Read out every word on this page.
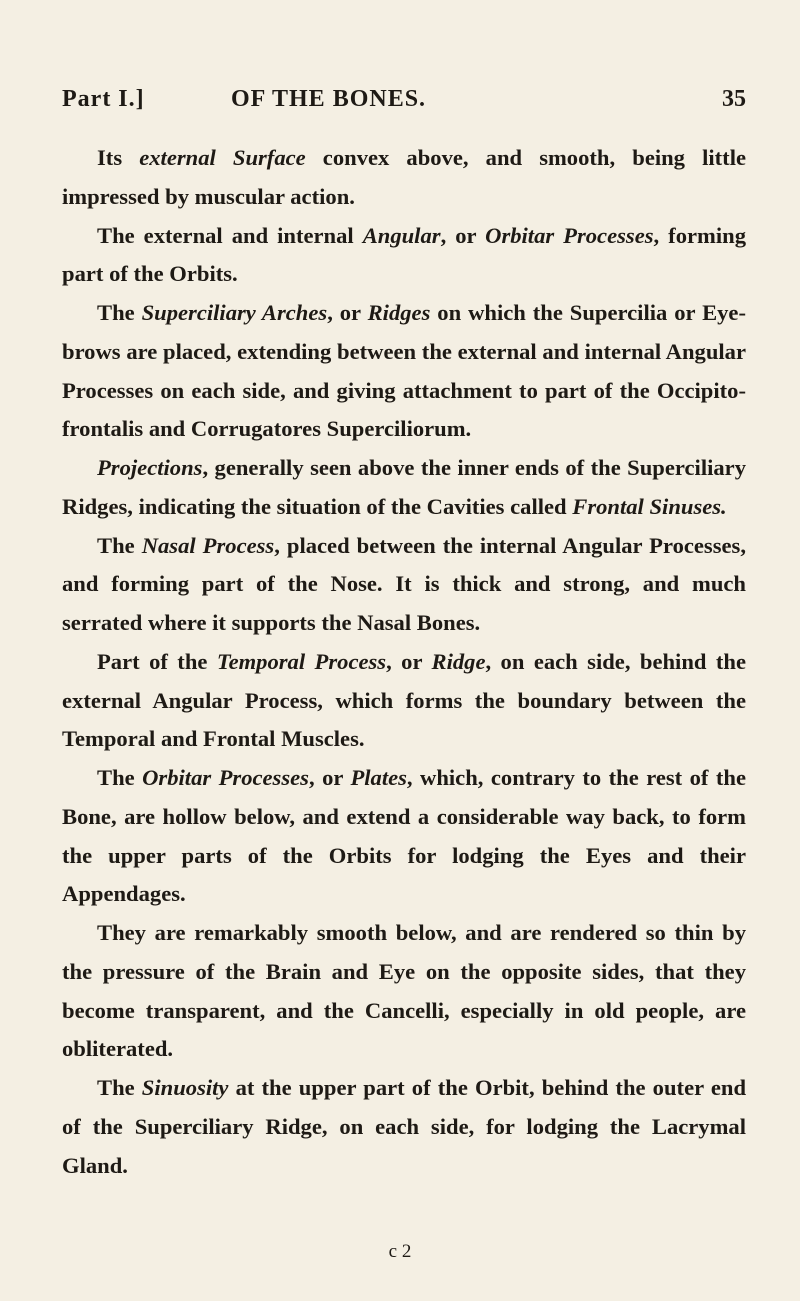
Part I.]	OF THE BONES.	35

Its external Surface convex above, and smooth, being little impressed by muscular action.

The external and internal Angular, or Orbitar Processes, forming part of the Orbits.

The Superciliary Arches, or Ridges on which the Supercilia or Eye-brows are placed, extending between the external and internal Angular Processes on each side, and giving attachment to part of the Occipito-frontalis and Corrugatores Superciliorum.

Projections, generally seen above the inner ends of the Superciliary Ridges, indicating the situation of the Cavities called Frontal Sinuses.

The Nasal Process, placed between the internal Angular Processes, and forming part of the Nose. It is thick and strong, and much serrated where it supports the Nasal Bones.

Part of the Temporal Process, or Ridge, on each side, behind the external Angular Process, which forms the boundary between the Temporal and Frontal Muscles.

The Orbitar Processes, or Plates, which, contrary to the rest of the Bone, are hollow below, and extend a considerable way back, to form the upper parts of the Orbits for lodging the Eyes and their Appendages.

They are remarkably smooth below, and are rendered so thin by the pressure of the Brain and Eye on the opposite sides, that they become transparent, and the Cancelli, especially in old people, are obliterated.

The Sinuosity at the upper part of the Orbit, behind the outer end of the Superciliary Ridge, on each side, for lodging the Lacrymal Gland.

c 2
